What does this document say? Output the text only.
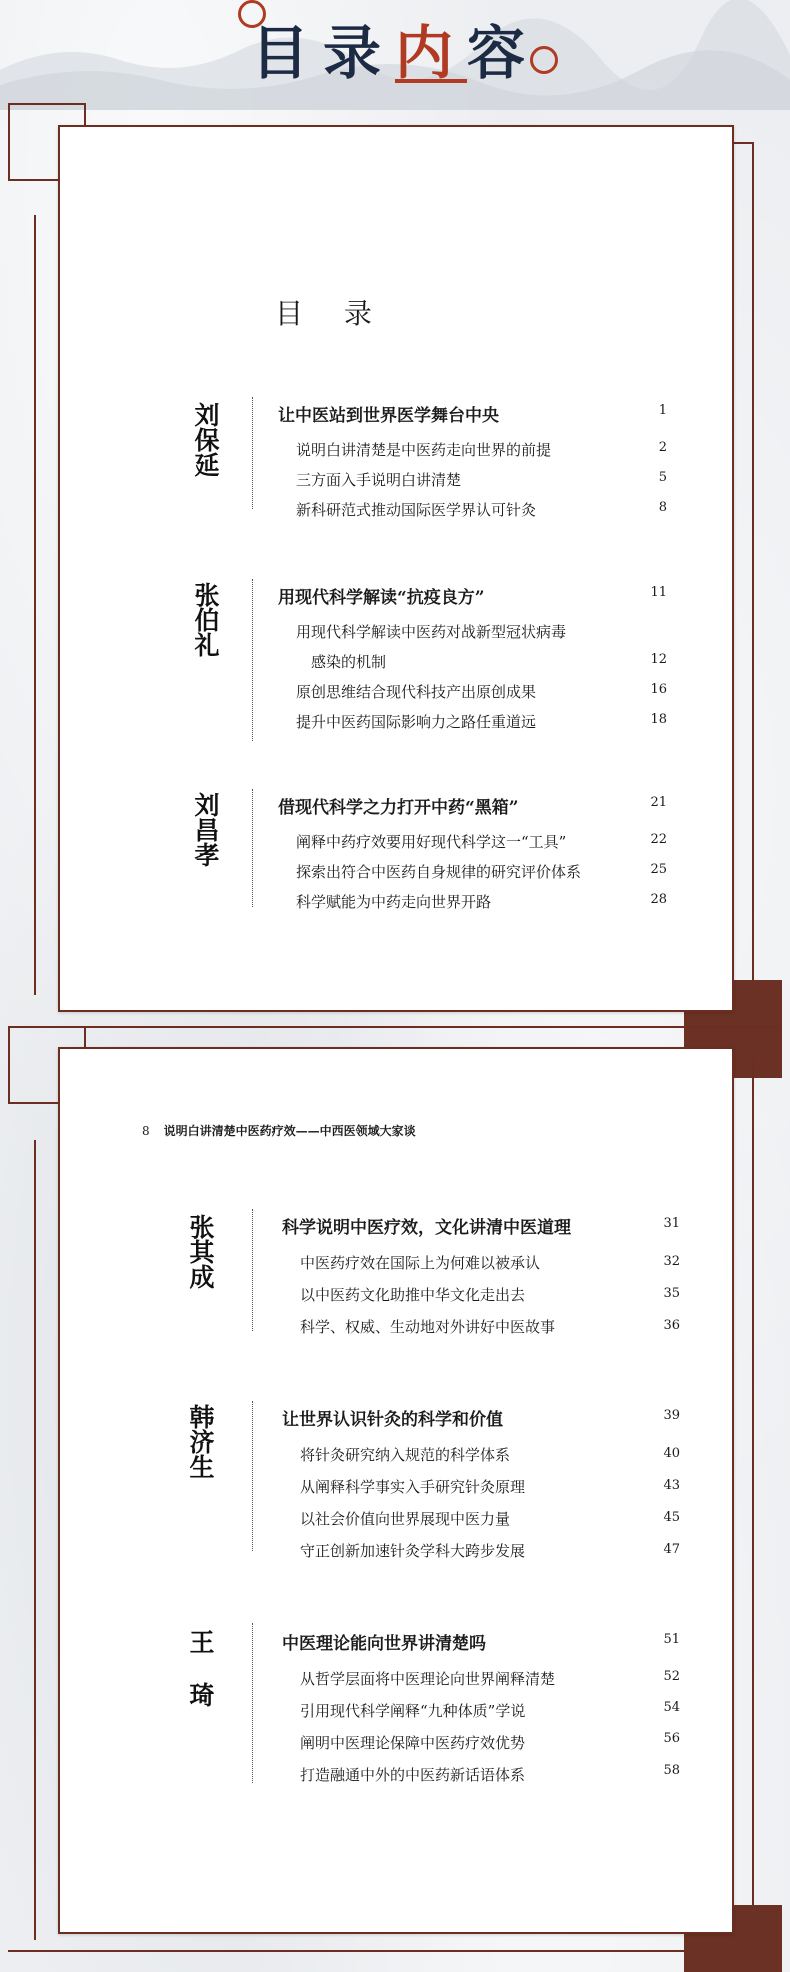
目录内容
目 录
刘保延	让中医站到世界医学舞台中央	1
说明白讲清楚是中医药走向世界的前提	2
三方面入手说明白讲清楚	5
新科研范式推动国际医学界认可针灸	8
张伯礼	用现代科学解读“抗疫良方”	11
用现代科学解读中医药对战新型冠状病毒
感染的机制	12
原创思维结合现代科技产出原创成果	16
提升中医药国际影响力之路任重道远	18
刘昌孝	借现代科学之力打开中药“黑箱”	21
阐释中药疗效要用好现代科学这一“工具”	22
探索出符合中医药自身规律的研究评价体系	25
科学赋能为中药走向世界开路	28
8 说明白讲清楚中医药疗效——中西医领域大家谈
张其成	科学说明中医疗效，文化讲清中医道理	31
中医药疗效在国际上为何难以被承认	32
以中医药文化助推中华文化走出去	35
科学、权威、生动地对外讲好中医故事	36
韩济生	让世界认识针灸的科学和价值	39
将针灸研究纳入规范的科学体系	40
从阐释科学事实入手研究针灸原理	43
以社会价值向世界展现中医力量	45
守正创新加速针灸学科大跨步发展	47
王琦	中医理论能向世界讲清楚吗	51
从哲学层面将中医理论向世界阐释清楚	52
引用现代科学阐释“九种体质”学说	54
阐明中医理论保障中医药疗效优势	56
打造融通中外的中医药新话语体系	58
